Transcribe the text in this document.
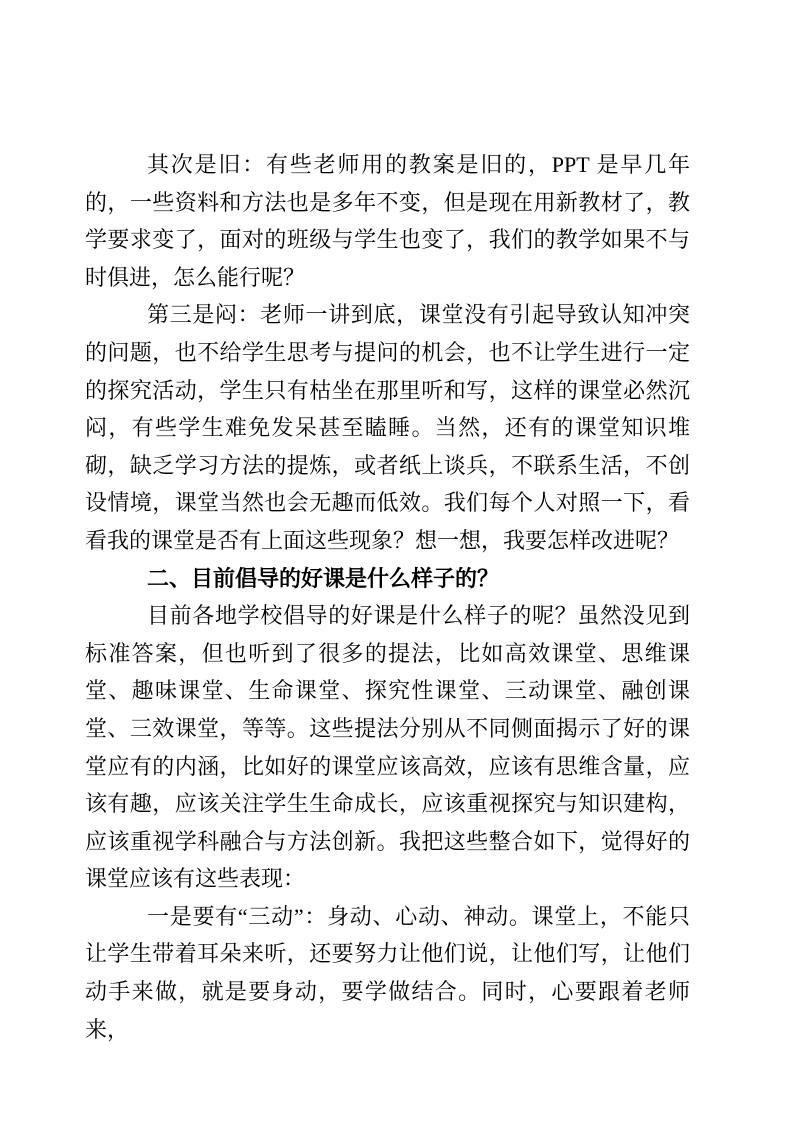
其次是旧：有些老师用的教案是旧的，PPT 是早几年的，一些资料和方法也是多年不变，但是现在用新教材了，教学要求变了，面对的班级与学生也变了，我们的教学如果不与时俱进，怎么能行呢？

第三是闷：老师一讲到底，课堂没有引起导致认知冲突的问题，也不给学生思考与提问的机会，也不让学生进行一定的探究活动，学生只有枯坐在那里听和写，这样的课堂必然沉闷，有些学生难免发呆甚至瞌睡。当然，还有的课堂知识堆砌，缺乏学习方法的提炼，或者纸上谈兵，不联系生活，不创设情境，课堂当然也会无趣而低效。我们每个人对照一下，看看我的课堂是否有上面这些现象？想一想，我要怎样改进呢？

二、目前倡导的好课是什么样子的？

目前各地学校倡导的好课是什么样子的呢？虽然没见到标准答案，但也听到了很多的提法，比如高效课堂、思维课堂、趣味课堂、生命课堂、探究性课堂、三动课堂、融创课堂、三效课堂，等等。这些提法分别从不同侧面揭示了好的课堂应有的内涵，比如好的课堂应该高效，应该有思维含量，应该有趣，应该关注学生生命成长，应该重视探究与知识建构，应该重视学科融合与方法创新。我把这些整合如下，觉得好的课堂应该有这些表现：

一是要有“三动”：身动、心动、神动。课堂上，不能只让学生带着耳朵来听，还要努力让他们说，让他们写，让他们动手来做，就是要身动，要学做结合。同时，心要跟着老师来，
